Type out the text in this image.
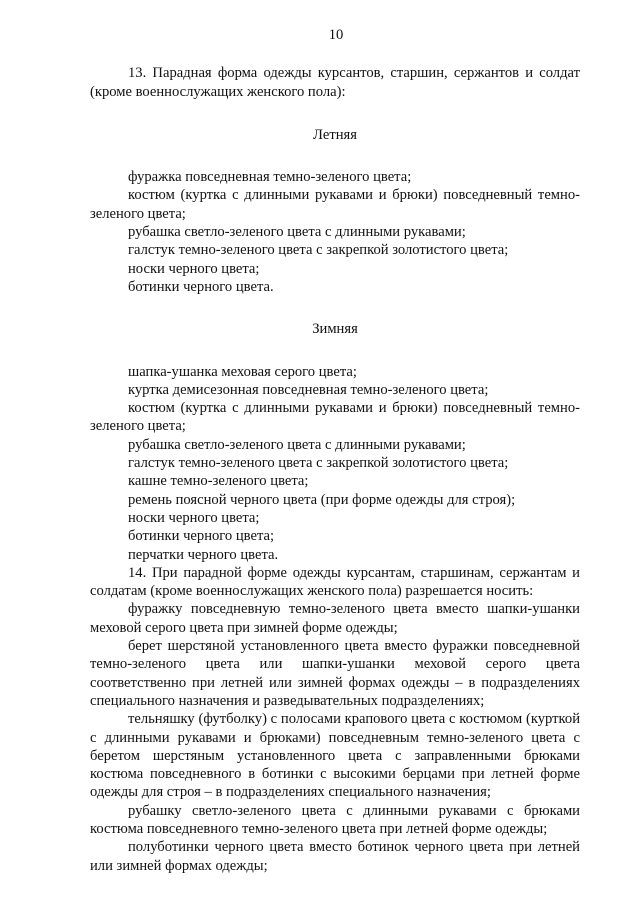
10

13. Парадная форма одежды курсантов, старшин, сержантов и солдат (кроме военнослужащих женского пола):

Летняя

фуражка повседневная темно-зеленого цвета;

костюм (куртка с длинными рукавами и брюки) повседневный темно-зеленого цвета;

рубашка светло-зеленого цвета с длинными рукавами;

галстук темно-зеленого цвета с закрепкой золотистого цвета;

носки черного цвета;

ботинки черного цвета.

Зимняя

шапка-ушанка меховая серого цвета;

куртка демисезонная повседневная темно-зеленого цвета;

костюм (куртка с длинными рукавами и брюки) повседневный темно-зеленого цвета;

рубашка светло-зеленого цвета с длинными рукавами;

галстук темно-зеленого цвета с закрепкой золотистого цвета;

кашне темно-зеленого цвета;

ремень поясной черного цвета (при форме одежды для строя);

носки черного цвета;

ботинки черного цвета;

перчатки черного цвета.

14. При парадной форме одежды курсантам, старшинам, сержантам и солдатам (кроме военнослужащих женского пола) разрешается носить:

фуражку повседневную темно-зеленого цвета вместо шапки-ушанки меховой серого цвета при зимней форме одежды;

берет шерстяной установленного цвета вместо фуражки повседневной темно-зеленого цвета или шапки-ушанки меховой серого цвета соответственно при летней или зимней формах одежды – в подразделениях специального назначения и разведывательных подразделениях;

тельняшку (футболку) с полосами крапового цвета с костюмом (курткой с длинными рукавами и брюками) повседневным темно-зеленого цвета с беретом шерстяным установленного цвета с заправленными брюками костюма повседневного в ботинки с высокими берцами при летней форме одежды для строя – в подразделениях специального назначения;

рубашку светло-зеленого цвета с длинными рукавами с брюками костюма повседневного темно-зеленого цвета при летней форме одежды;

полуботинки черного цвета вместо ботинок черного цвета при летней или зимней формах одежды;
